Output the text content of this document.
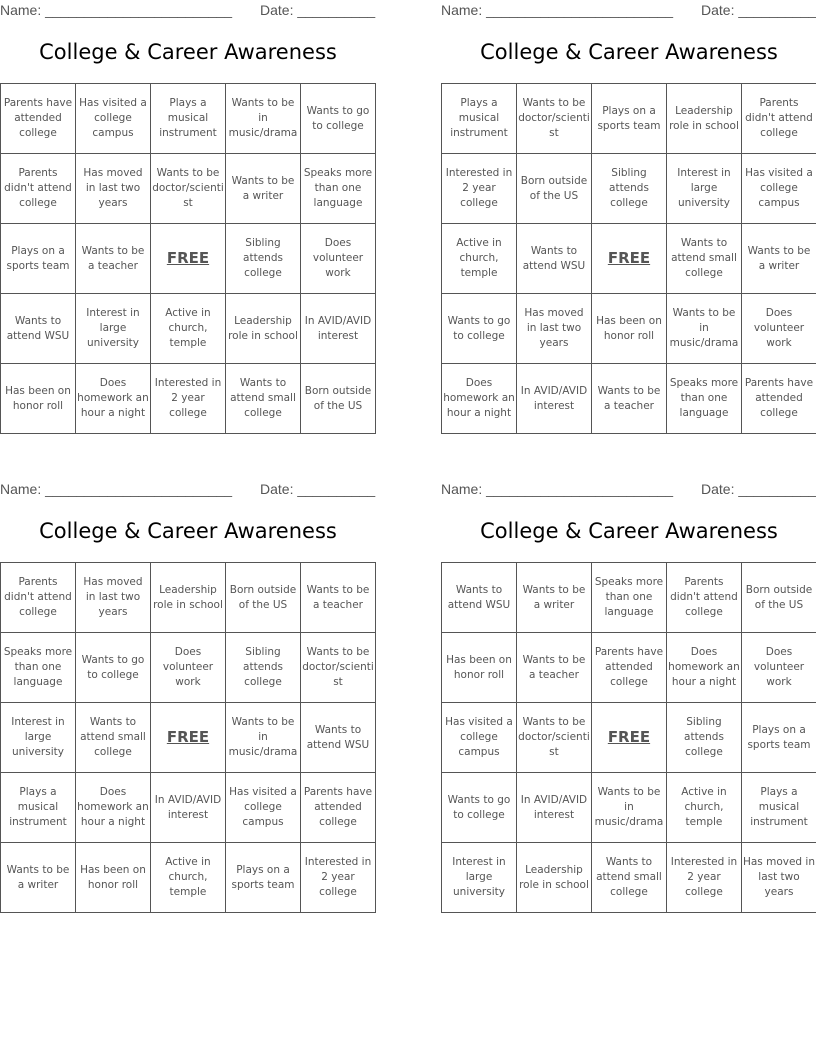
Name: ________________________ Date: __________
College & Career Awareness
Parents have attended college	Has visited a college campus	Plays a musical instrument	Wants to be in music/drama	Wants to go to college
Parents didn't attend college	Has moved in last two years	Wants to be doctor/scientist	Wants to be a writer	Speaks more than one language
Plays on a sports team	Wants to be a teacher	FREE	Sibling attends college	Does volunteer work
Wants to attend WSU	Interest in large university	Active in church, temple	Leadership role in school	In AVID/AVID interest
Has been on honor roll	Does homework an hour a night	Interested in 2 year college	Wants to attend small college	Born outside of the US
Name: ________________________ Date: __________
College & Career Awareness
Plays a musical instrument	Wants to be doctor/scientist	Plays on a sports team	Leadership role in school	Parents didn't attend college
Interested in 2 year college	Born outside of the US	Sibling attends college	Interest in large university	Has visited a college campus
Active in church, temple	Wants to attend WSU	FREE	Wants to attend small college	Wants to be a writer
Wants to go to college	Has moved in last two years	Has been on honor roll	Wants to be in music/drama	Does volunteer work
Does homework an hour a night	In AVID/AVID interest	Wants to be a teacher	Speaks more than one language	Parents have attended college
Name: ________________________ Date: __________
College & Career Awareness
Parents didn't attend college	Has moved in last two years	Leadership role in school	Born outside of the US	Wants to be a teacher
Speaks more than one language	Wants to go to college	Does volunteer work	Sibling attends college	Wants to be doctor/scientist
Interest in large university	Wants to attend small college	FREE	Wants to be in music/drama	Wants to attend WSU
Plays a musical instrument	Does homework an hour a night	In AVID/AVID interest	Has visited a college campus	Parents have attended college
Wants to be a writer	Has been on honor roll	Active in church, temple	Plays on a sports team	Interested in 2 year college
Name: ________________________ Date: __________
College & Career Awareness
Wants to attend WSU	Wants to be a writer	Speaks more than one language	Parents didn't attend college	Born outside of the US
Has been on honor roll	Wants to be a teacher	Parents have attended college	Does homework an hour a night	Does volunteer work
Has visited a college campus	Wants to be doctor/scientist	FREE	Sibling attends college	Plays on a sports team
Wants to go to college	In AVID/AVID interest	Wants to be in music/drama	Active in church, temple	Plays a musical instrument
Interest in large university	Leadership role in school	Wants to attend small college	Interested in 2 year college	Has moved in last two years
